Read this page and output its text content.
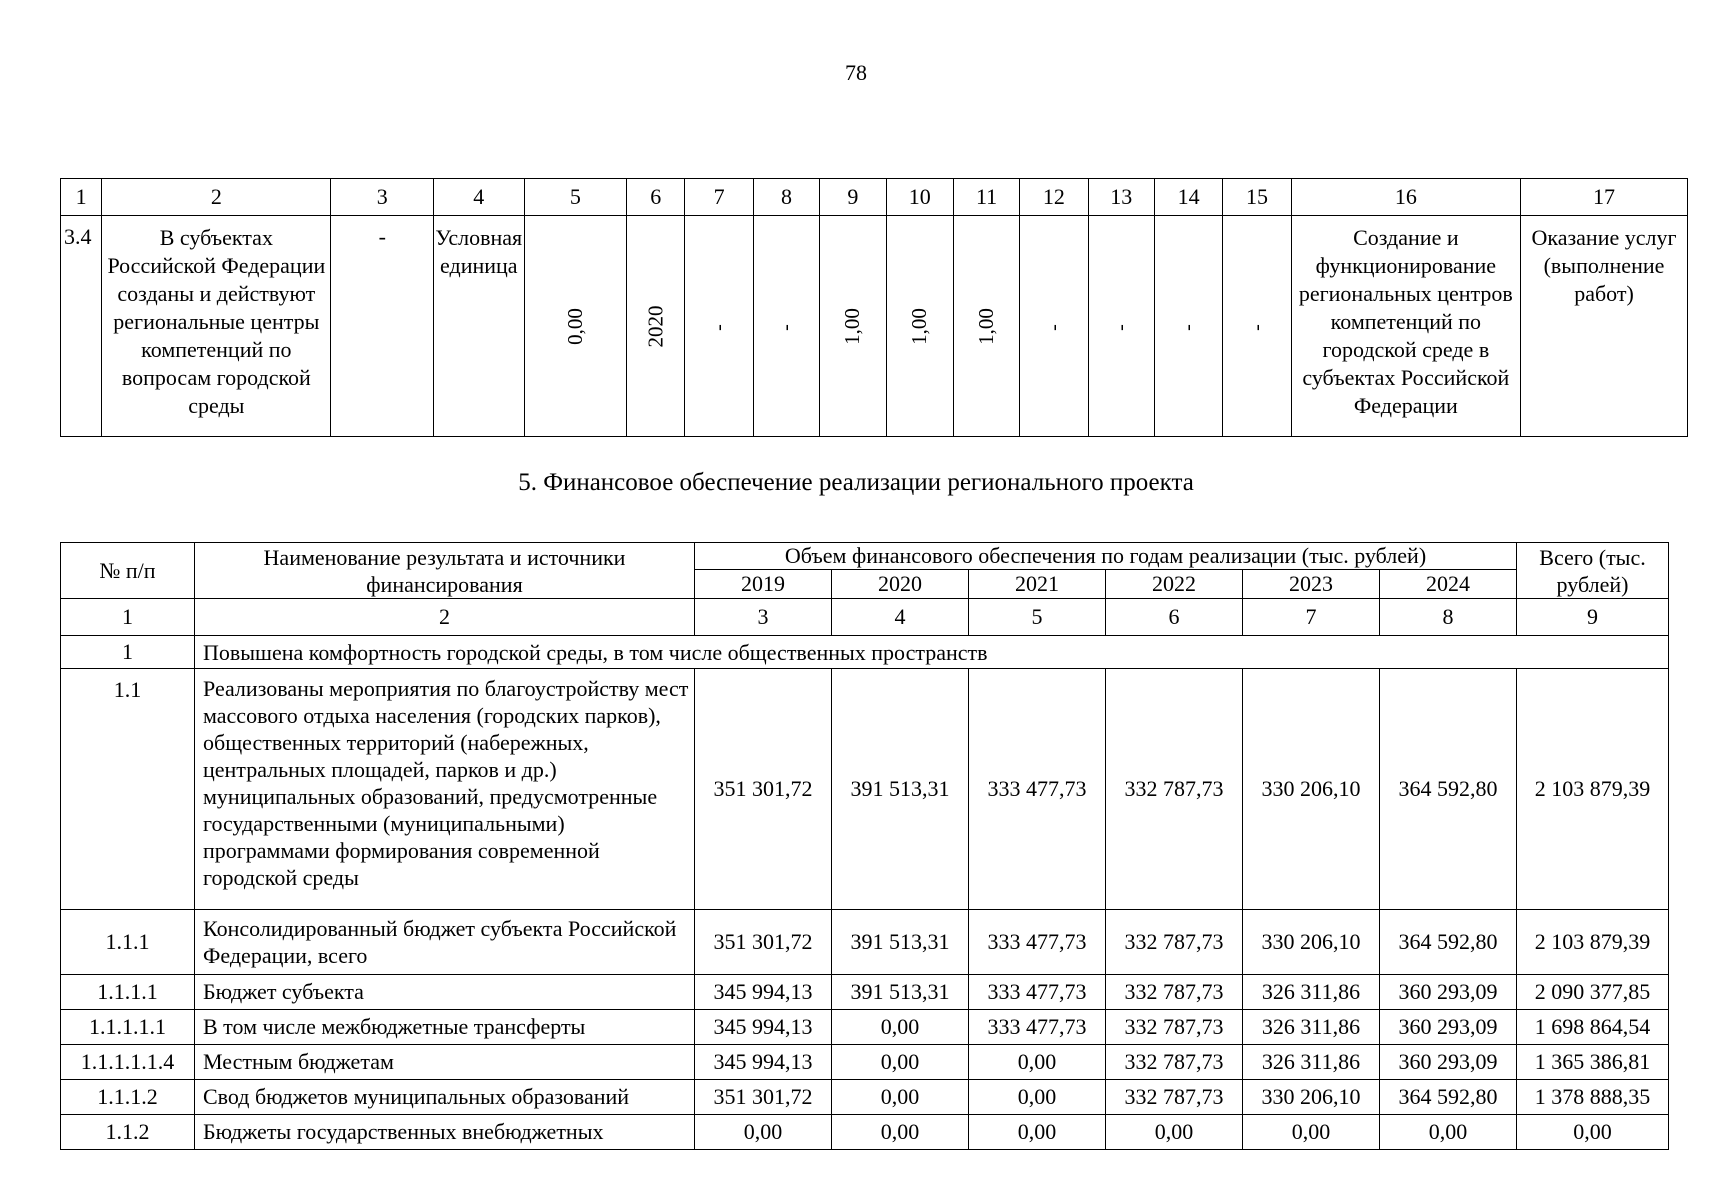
78
1	2	3	4	5	6	7	8	9	10	11	12	13	14	15	16	17
3.4	В субъектах Российской Федерации созданы и действуют региональные центры компетенций по вопросам городской среды	-	Условная единица	0,00	2020	-	-	1,00	1,00	1,00	-	-	-	-	Создание и функционирование региональных центров компетенций по городской среде в субъектах Российской Федерации	Оказание услуг (выполнение работ)
5. Финансовое обеспечение реализации регионального проекта
№ п/п	Наименование результата и источники финансирования	Объем финансового обеспечения по годам реализации (тыс. рублей)						Всего (тыс. рублей)
		2019	2020	2021	2022	2023	2024	
1	2	3	4	5	6	7	8	9
1	Повышена комфортность городской среды, в том числе общественных пространств							
1.1	Реализованы мероприятия по благоустройству мест массового отдыха населения (городских парков), общественных территорий (набережных, центральных площадей, парков и др.) муниципальных образований, предусмотренные государственными (муниципальными) программами формирования современной городской среды	351 301,72	391 513,31	333 477,73	332 787,73	330 206,10	364 592,80	2 103 879,39
1.1.1	Консолидированный бюджет субъекта Российской Федерации, всего	351 301,72	391 513,31	333 477,73	332 787,73	330 206,10	364 592,80	2 103 879,39
1.1.1.1	Бюджет субъекта	345 994,13	391 513,31	333 477,73	332 787,73	326 311,86	360 293,09	2 090 377,85
1.1.1.1.1	В том числе межбюджетные трансферты	345 994,13	0,00	333 477,73	332 787,73	326 311,86	360 293,09	1 698 864,54
1.1.1.1.1.4	Местным бюджетам	345 994,13	0,00	0,00	332 787,73	326 311,86	360 293,09	1 365 386,81
1.1.1.2	Свод бюджетов муниципальных образований	351 301,72	0,00	0,00	332 787,73	330 206,10	364 592,80	1 378 888,35
1.1.2	Бюджеты государственных внебюджетных	0,00	0,00	0,00	0,00	0,00	0,00	0,00
